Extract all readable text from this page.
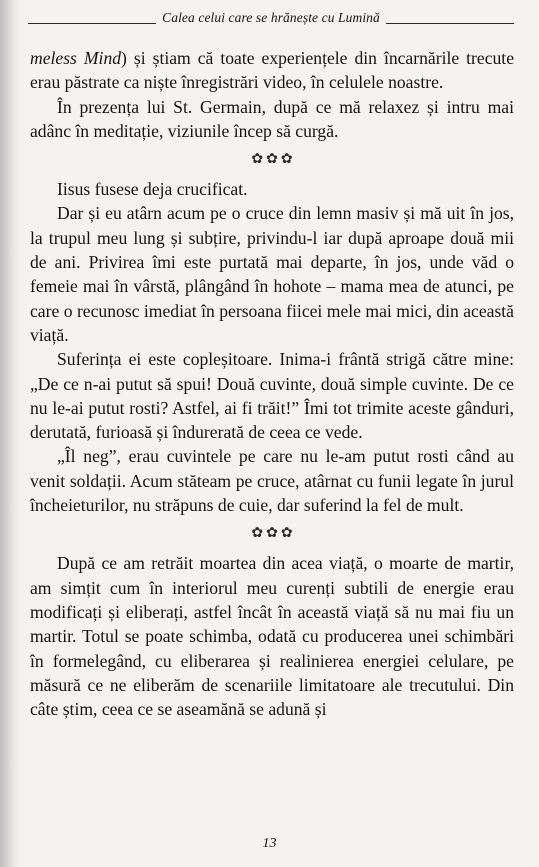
Calea celui care se hrănește cu Lumină

meless Mind) și știam că toate experiențele din încarnările trecute erau păstrate ca niște înregistrări video, în celulele noastre.

În prezența lui St. Germain, după ce mă relaxez și intru mai adânc în meditație, viziunile încep să curgă.

✿ ✿ ✿

Iisus fusese deja crucificat.

Dar și eu atârn acum pe o cruce din lemn masiv și mă uit în jos, la trupul meu lung și subțire, privindu-l iar după aproape două mii de ani. Privirea îmi este purtată mai departe, în jos, unde văd o femeie mai în vârstă, plângând în hohote – mama mea de atunci, pe care o recunosc imediat în persoana fiicei mele mai mici, din această viață.

Suferința ei este copleșitoare. Inima-i frântă strigă către mine: „De ce n-ai putut să spui! Două cuvinte, două simple cuvinte. De ce nu le-ai putut rosti? Astfel, ai fi trăit!” Îmi tot trimite aceste gânduri, derutată, furioasă și îndurerată de ceea ce vede.

„Îl neg”, erau cuvintele pe care nu le-am putut rosti când au venit soldații. Acum stăteam pe cruce, atârnat cu funii legate în jurul încheieturilor, nu străpuns de cuie, dar suferind la fel de mult.

✿ ✿ ✿

După ce am retrăit moartea din acea viață, o moarte de martir, am simțit cum în interiorul meu curenți subtili de energie erau modificați și eliberați, astfel încât în această viață să nu mai fiu un martir. Totul se poate schimba, odată cu producerea unei schimbări în formelegând, cu eliberarea și realinierea energiei celulare, pe măsură ce ne eliberăm de scenariile limitatoare ale trecutului. Din câte știm, ceea ce se aseamănă se adună și

13
